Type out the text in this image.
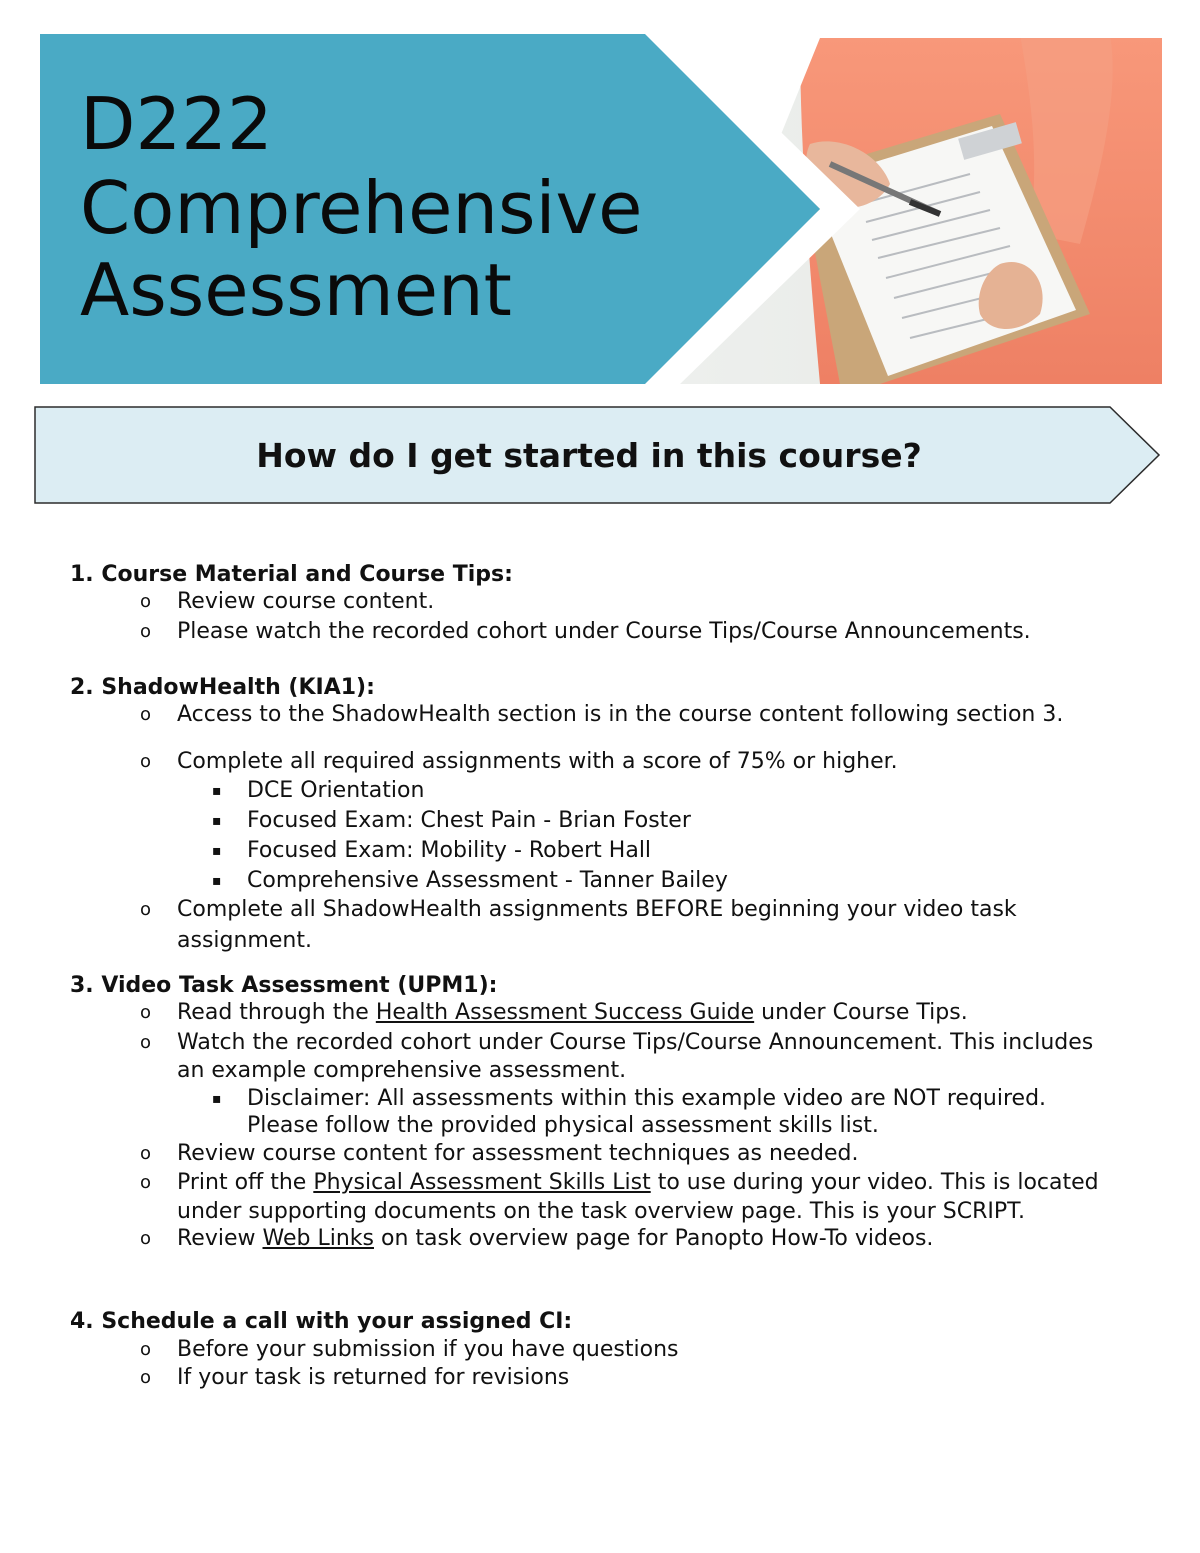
D222
Comprehensive
Assessment
How do I get started in this course?
1. Course Material and Course Tips:
o Review course content.
o Please watch the recorded cohort under Course Tips/Course Announcements.
2. ShadowHealth (KIA1):
o Access to the ShadowHealth section is in the course content following section 3.
o Complete all required assignments with a score of 75% or higher.
▪ DCE Orientation
▪ Focused Exam: Chest Pain - Brian Foster
▪ Focused Exam: Mobility - Robert Hall
▪ Comprehensive Assessment - Tanner Bailey
o Complete all ShadowHealth assignments BEFORE beginning your video task
assignment.
3. Video Task Assessment (UPM1):
o Read through the Health Assessment Success Guide under Course Tips.
o Watch the recorded cohort under Course Tips/Course Announcement. This includes
an example comprehensive assessment.
▪ Disclaimer: All assessments within this example video are NOT required.
Please follow the provided physical assessment skills list.
o Review course content for assessment techniques as needed.
o Print off the Physical Assessment Skills List to use during your video. This is located
under supporting documents on the task overview page. This is your SCRIPT.
o Review Web Links on task overview page for Panopto How-To videos.
4. Schedule a call with your assigned CI:
o Before your submission if you have questions
o If your task is returned for revisions
